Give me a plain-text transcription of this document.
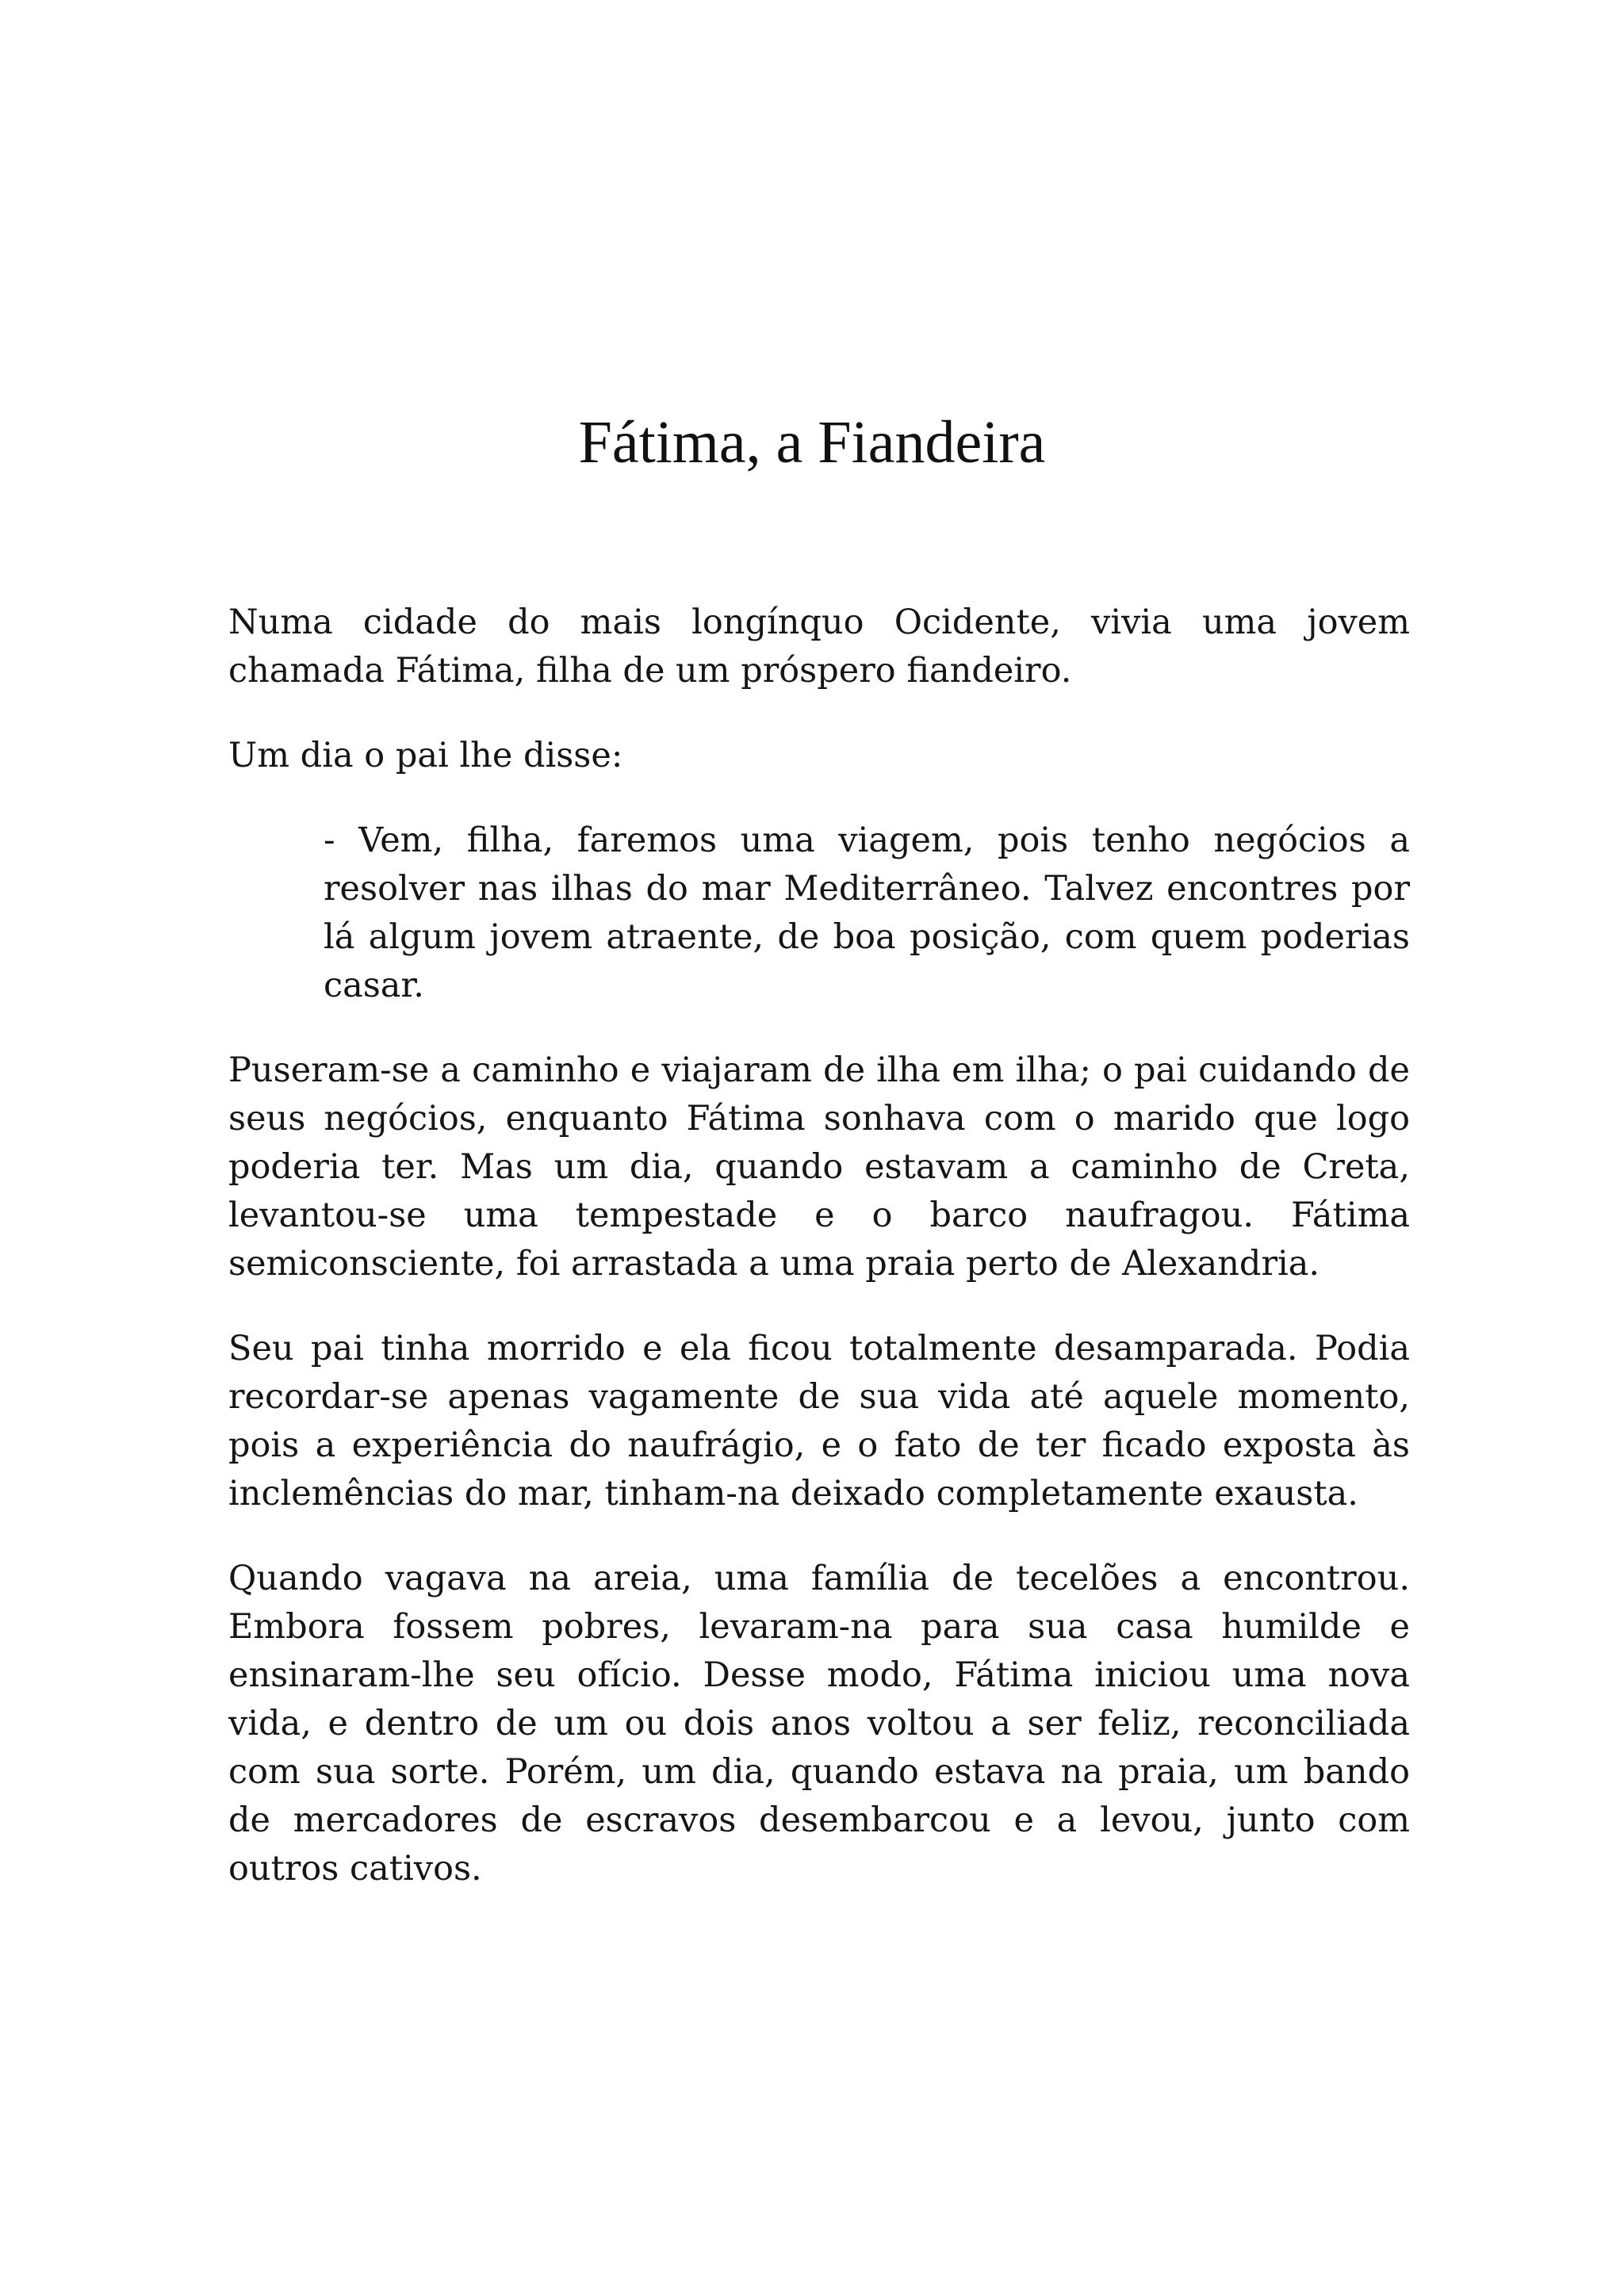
Fátima, a Fiandeira

Numa cidade do mais longínquo Ocidente, vivia uma jovem chamada Fátima, filha de um próspero fiandeiro.

Um dia o pai lhe disse:

- Vem, filha, faremos uma viagem, pois tenho negócios a resolver nas ilhas do mar Mediterrâneo. Talvez encontres por lá algum jovem atraente, de boa posição, com quem poderias casar.

Puseram-se a caminho e viajaram de ilha em ilha; o pai cuidando de seus negócios, enquanto Fátima sonhava com o marido que logo poderia ter. Mas um dia, quando estavam a caminho de Creta, levantou-se uma tempestade e o barco naufragou. Fátima semiconsciente, foi arrastada a uma praia perto de Alexandria.

Seu pai tinha morrido e ela ficou totalmente desamparada. Podia recordar-se apenas vagamente de sua vida até aquele momento, pois a experiência do naufrágio, e o fato de ter ficado exposta às inclemências do mar, tinham-na deixado completamente exausta.

Quando vagava na areia, uma família de tecelões a encontrou. Embora fossem pobres, levaram-na para sua casa humilde e ensinaram-lhe seu ofício. Desse modo, Fátima iniciou uma nova vida, e dentro de um ou dois anos voltou a ser feliz, reconciliada com sua sorte. Porém, um dia, quando estava na praia, um bando de mercadores de escravos desembarcou e a levou, junto com outros cativos.
